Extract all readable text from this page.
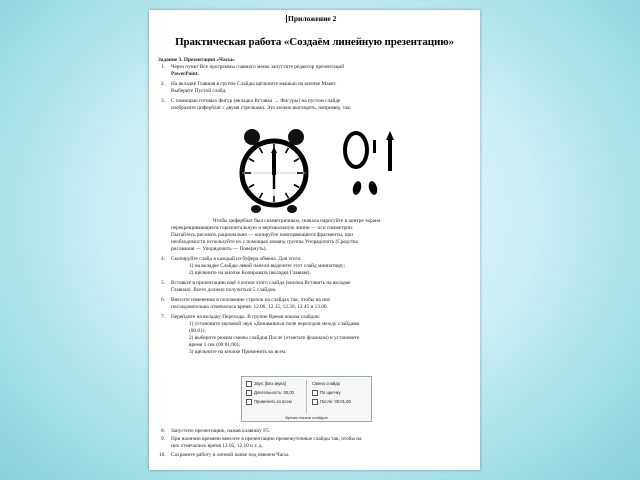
Приложение 2
Практическая работа «Создаём линейную презентацию»
Задание 3. Презентация «Часы»
1. Через пункт Все программы главного меню запустите редактор презентаций
PowerPoint.
2. На вкладке Главная в группе Слайды щёлкните мышью на кнопке Макет.
Выберите Пустой слайд.
3. С помощью готовых фигур (вкладка Вставка → Фигуры) на пустом слайде
изобразите циферблат с двумя стрелками. Это можно выглядеть, например, так:
Чтобы циферблат был симметричным, сначала нарисуйте в центре экрана
перекрещивающиеся горизонтальную и вертикальную линии — оси симметрии.
Пытайтесь рисовать рационально — копируйте повторяющиеся фрагменты, при
необходимости используйте их с помощью команд группы Упорядочить (Средства
рисования — Упорядочить — Повернуть).
4. Скопируйте слайд в каждый из буфера обмена. Для этого:
1) на вкладке Слайды левой панели выделите этот слайд миниатюру;
2) щёлкните на кнопке Копировать (вкладка Главная).
5. Вставьте в презентацию ещё 4 копии этого слайда (кнопка Вставить на вкладке
Главная). Всего должно получиться 5 слайдов.
6. Внесите изменения в положение стрелок на слайдах так, чтобы на них
последовательно отмечалось время: 12.00, 12.15, 12.30, 12.45 и 13.00.
7. Перейдите на вкладку Переходы. В группе Время показа слайдов:
1) установите звуковой звук «Динамики»в поле переходов между слайдами
(00.01);
2) выберите режим смены слайдов После (отметьте флажком) и установите
время 1 сек (00:01,00);
3) щёлкните на кнопке Применить ко всем.
Звук: [Без звука]
Длительность: 00,00
Применить ко всем
Смена слайда
По щелчку
После: 00:01,00
Время показа слайдов
8. Запустите презентацию, нажав клавишу F5.
9. При наличии времени внесите в презентацию промежуточные слайды так, чтобы на
них отмечались время 12.05, 12.10 и т. д.
10. Сохраните работу в личной папке под именем Часы.
